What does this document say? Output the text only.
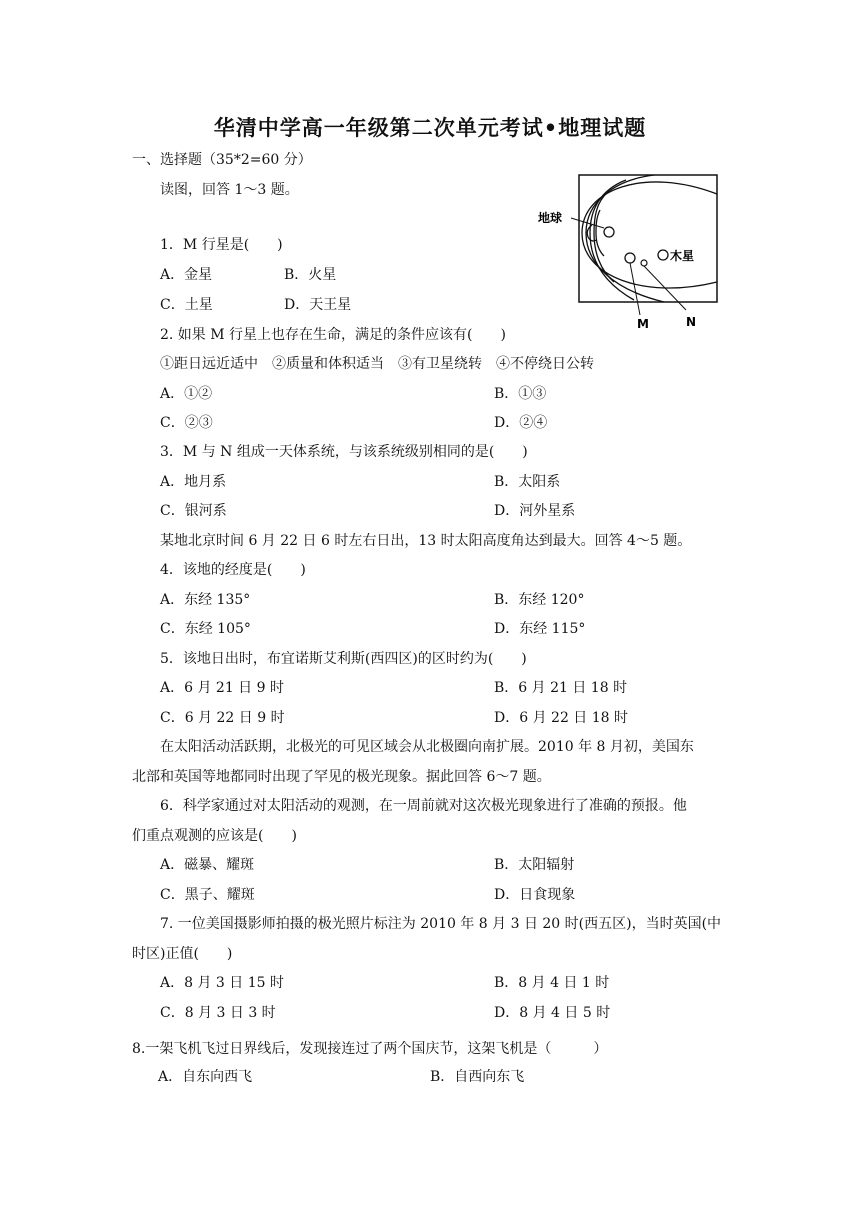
华清中学高一年级第二次单元考试•地理试题
一、选择题（35*2=60 分）
读图，回答 1～3 题。
地球
木星
M	N
1．M 行星是(　　)
A．金星	B．火星
C．土星	D．天王星
2. 如果 M 行星上也存在生命，满足的条件应该有(　　)
①距日远近适中　②质量和体积适当　③有卫星绕转　④不停绕日公转
A．①②	B．①③
C．②③	D．②④
3．M 与 N 组成一天体系统，与该系统级别相同的是(　　)
A．地月系	B．太阳系
C．银河系	D．河外星系
某地北京时间 6 月 22 日 6 时左右日出，13 时太阳高度角达到最大。回答 4～5 题。
4．该地的经度是(　　)
A．东经 135°	B．东经 120°
C．东经 105°	D．东经 115°
5．该地日出时，布宜诺斯艾利斯(西四区)的区时约为(　　)
A．6 月 21 日 9 时	B．6 月 21 日 18 时
C．6 月 22 日 9 时	D．6 月 22 日 18 时
在太阳活动活跃期，北极光的可见区域会从北极圈向南扩展。2010 年 8 月初，美国东
北部和英国等地都同时出现了罕见的极光现象。据此回答 6～7 题。
6．科学家通过对太阳活动的观测，在一周前就对这次极光现象进行了准确的预报。他
们重点观测的应该是(　　)
A．磁暴、耀斑	B．太阳辐射
C．黑子、耀斑	D．日食现象
7. 一位美国摄影师拍摄的极光照片标注为 2010 年 8 月 3 日 20 时(西五区)，当时英国(中
时区)正值(　　)
A．8 月 3 日 15 时	B．8 月 4 日 1 时
C．8 月 3 日 3 时	D．8 月 4 日 5 时
8.一架飞机飞过日界线后，发现接连过了两个国庆节，这架飞机是（　　　）
A．自东向西飞	B．自西向东飞
